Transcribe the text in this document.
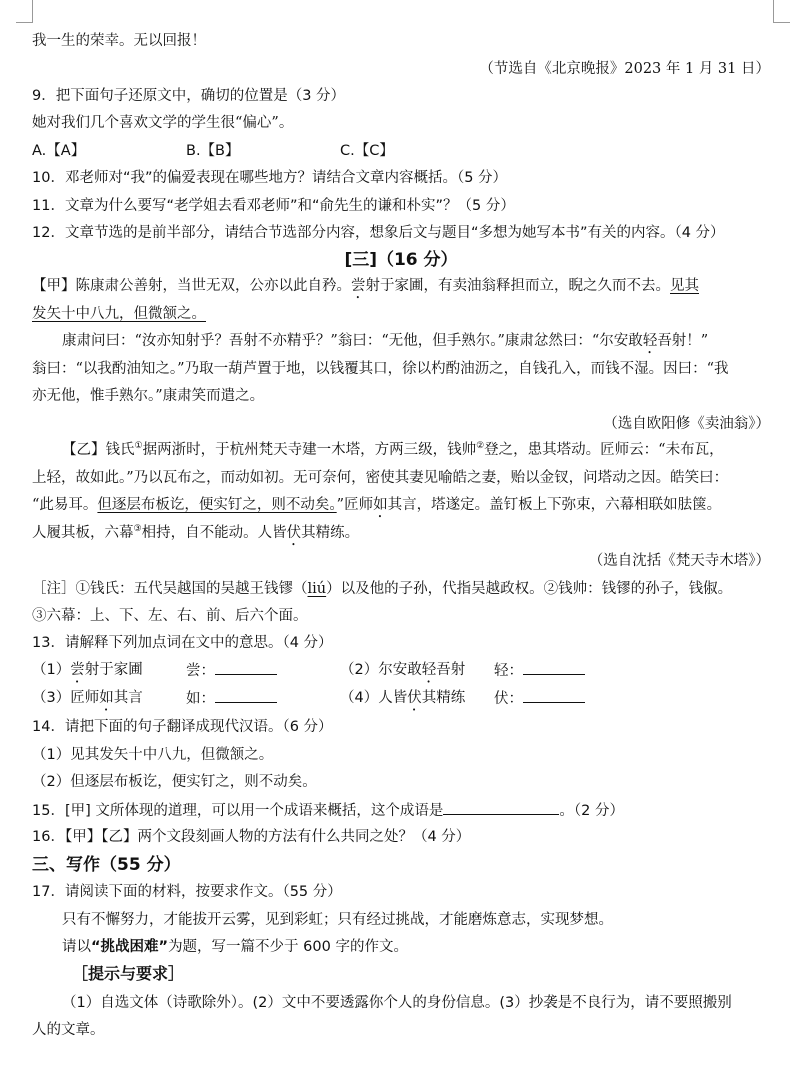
我一生的荣幸。无以回报！
（节选自《北京晚报》2023 年 1 月 31 日）
9．把下面句子还原文中，确切的位置是（3 分）
她对我们几个喜欢文学的学生很“偏心”。
A.【A】	B.【B】	C.【C】
10．邓老师对“我”的偏爱表现在哪些地方？请结合文章内容概括。（5 分）
11．文章为什么要写“老学姐去看邓老师”和“俞先生的谦和朴实”？（5 分）
12．文章节选的是前半部分，请结合节选部分内容，想象后文与题目“多想为她写本书”有关的内容。（4 分）
[三]（16 分）
【甲】陈康肃公善射，当世无双，公亦以此自矜。尝射于家圃，有卖油翁释担而立，睨之久而不去。见其
发矢十中八九，但微颔之。
康肃问曰：“汝亦知射乎？吾射不亦精乎？”翁曰：“无他，但手熟尔。”康肃忿然曰：“尔安敢轻吾射！”
翁曰：“以我酌油知之。”乃取一葫芦置于地，以钱覆其口，徐以杓酌油沥之，自钱孔入，而钱不湿。因曰：“我
亦无他，惟手熟尔。”康肃笑而遣之。
（选自欧阳修《卖油翁》）
【乙】钱氏①据两浙时，于杭州梵天寺建一木塔，方两三级，钱帅②登之，患其塔动。匠师云：“未布瓦，
上轻，故如此。”乃以瓦布之，而动如初。无可奈何，密使其妻见喻皓之妻，贻以金钗，问塔动之因。皓笑曰：
“此易耳。但逐层布板讫，便实钉之，则不动矣。”匠师如其言，塔遂定。盖钉板上下弥束，六幕相联如胠箧。
人履其板，六幕③相持，自不能动。人皆伏其精练。
（选自沈括《梵天寺木塔》）
［注］①钱氏：五代吴越国的吴越王钱镠（liú）以及他的子孙，代指吴越政权。②钱帅：钱镠的孙子，钱俶。
③六幕：上、下、左、右、前、后六个面。
13．请解释下列加点词在文中的意思。（4 分）
（1）尝射于家圃	尝：	（2）尔安敢轻吾射 轻：
（3）匠师如其言	如：	（4）人皆伏其精练 伏：
14．请把下面的句子翻译成现代汉语。（6 分）
（1）见其发矢十中八九，但微颔之。
（2）但逐层布板讫，便实钉之，则不动矣。
15．[甲] 文所体现的道理，可以用一个成语来概括，这个成语是	。（2 分）
16．【甲】【乙】两个文段刻画人物的方法有什么共同之处？（4 分）
三、写作（55 分）
17．请阅读下面的材料，按要求作文。（55 分）
只有不懈努力，才能拔开云雾，见到彩虹；只有经过挑战，才能磨炼意志，实现梦想。
请以“挑战困难”为题，写一篇不少于 600 字的作文。
［提示与要求］
（1）自选文体（诗歌除外）。(2）文中不要透露你个人的身份信息。(3）抄袭是不良行为，请不要照搬别
人的文章。
